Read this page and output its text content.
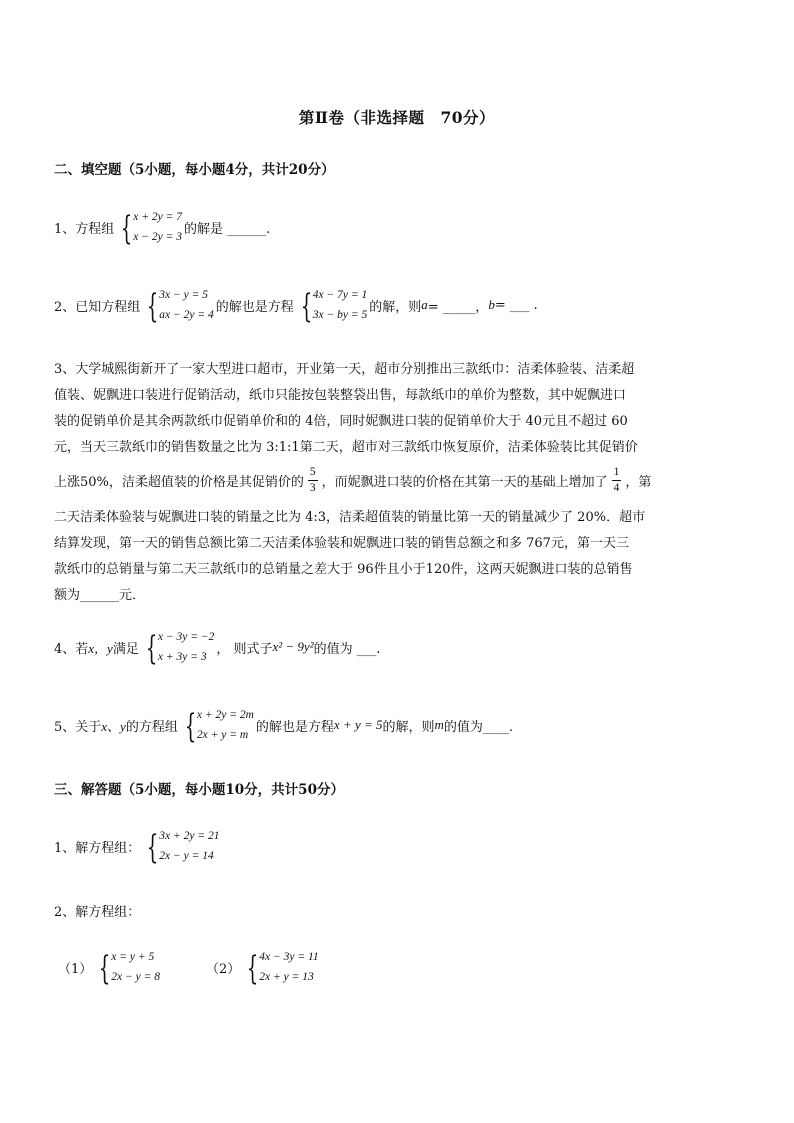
第Ⅱ卷（非选择题　70分）
二、填空题（5小题，每小题4分，共计20分）
1、方程组 { x + 2y = 7
x − 2y = 3
的解是 ______.
2、已知方程组 { 3x − y = 5
ax − 2y = 4
的解也是方程 { 4x − 7y = 1
3x − by = 5
的解，则 a = _____， b = ___ .
3、大学城熙街新开了一家大型进口超市，开业第一天，超市分别推出三款纸巾：洁柔体验装、洁柔超
值装、妮飘进口装进行促销活动，纸巾只能按包装整袋出售，每款纸巾的单价为整数，其中妮飘进口
装的促销单价是其余两款纸巾促销单价和的 4倍，同时妮飘进口装的促销单价大于 40元且不超过 60
元，当天三款纸巾的销售数量之比为 3:1:1第二天，超市对三款纸巾恢复原价，洁柔体验装比其促销价
上涨50%，洁柔超值装的价格是其促销价的 $\frac{5}{3}$ ，而妮飘进口装的价格在其第一天的基础上增加了 $\frac{1}{4}$ ，第
二天洁柔体验装与妮飘进口装的销量之比为 4:3，洁柔超值装的销量比第一天的销量减少了 20%．超市
结算发现，第一天的销售总额比第二天洁柔体验装和妮飘进口装的销售总额之和多 767元，第一天三
款纸巾的总销量与第二天三款纸巾的总销量之差大于 96件且小于120件，这两天妮飘进口装的总销售
额为______元．
4、若 x，y 满足 { x − 3y = −2
x + 3y = 3
， 则式子 x² − 9y² 的值为 ___.
5、关于 x、y 的方程组 { x + 2y = 2m
2x + y = m
的解也是方程 x + y = 5 的解，则 m 的值为____.
三、解答题（5小题，每小题10分，共计50分）
1、解方程组： { 3x + 2y = 21
2x − y = 14
2、解方程组：
（1） { x = y + 5
2x − y = 8
（2） { 4x − 3y = 11
2x + y = 13
